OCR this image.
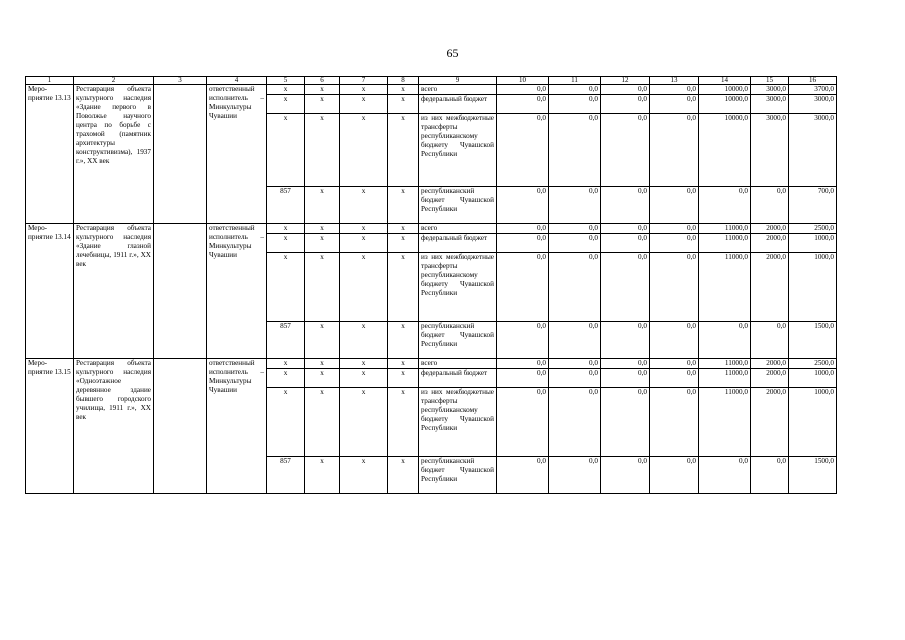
65
1	2	3	4	5	6	7	8	9	10	11	12	13	14	15	16
Меро-приятие 13.13	Реставрация объекта культурного наследия «Здание первого в Поволжье научного центра по борьбе с трахомой (памятник архитектуры конструктивизма), 1937 г.», XX век		ответственный исполнитель – Минкультуры Чувашии	x	x	x	x	всего	0,0	0,0	0,0	0,0	10000,0	3000,0	3700,0
				x	x	x	x	федеральный бюджет	0,0	0,0	0,0	0,0	10000,0	3000,0	3000,0
				x	x	x	x	из них межбюджетные трансферты республиканскому бюджету Чувашской Республики	0,0	0,0	0,0	0,0	10000,0	3000,0	3000,0
				857	x	x	x	республиканский бюджет Чувашской Республики	0,0	0,0	0,0	0,0	0,0	0,0	700,0
Меро-приятие 13.14	Реставрация объекта культурного наследия «Здание глазной лечебницы, 1911 г.», XX век		ответственный исполнитель – Минкультуры Чувашии	x	x	x	x	всего	0,0	0,0	0,0	0,0	11000,0	2000,0	2500,0
				x	x	x	x	федеральный бюджет	0,0	0,0	0,0	0,0	11000,0	2000,0	1000,0
				x	x	x	x	из них межбюджетные трансферты республиканскому бюджету Чувашской Республики	0,0	0,0	0,0	0,0	11000,0	2000,0	1000,0
				857	x	x	x	республиканский бюджет Чувашской Республики	0,0	0,0	0,0	0,0	0,0	0,0	1500,0
Меро-приятие 13.15	Реставрация объекта культурного наследия «Одноэтажное деревянное здание бывшего городского училища, 1911 г.», XX век		ответственный исполнитель – Минкультуры Чувашии	x	x	x	x	всего	0,0	0,0	0,0	0,0	11000,0	2000,0	2500,0
				x	x	x	x	федеральный бюджет	0,0	0,0	0,0	0,0	11000,0	2000,0	1000,0
				x	x	x	x	из них межбюджетные трансферты республиканскому бюджету Чувашской Республики	0,0	0,0	0,0	0,0	11000,0	2000,0	1000,0
				857	x	x	x	республиканский бюджет Чувашской Республики	0,0	0,0	0,0	0,0	0,0	0,0	1500,0
